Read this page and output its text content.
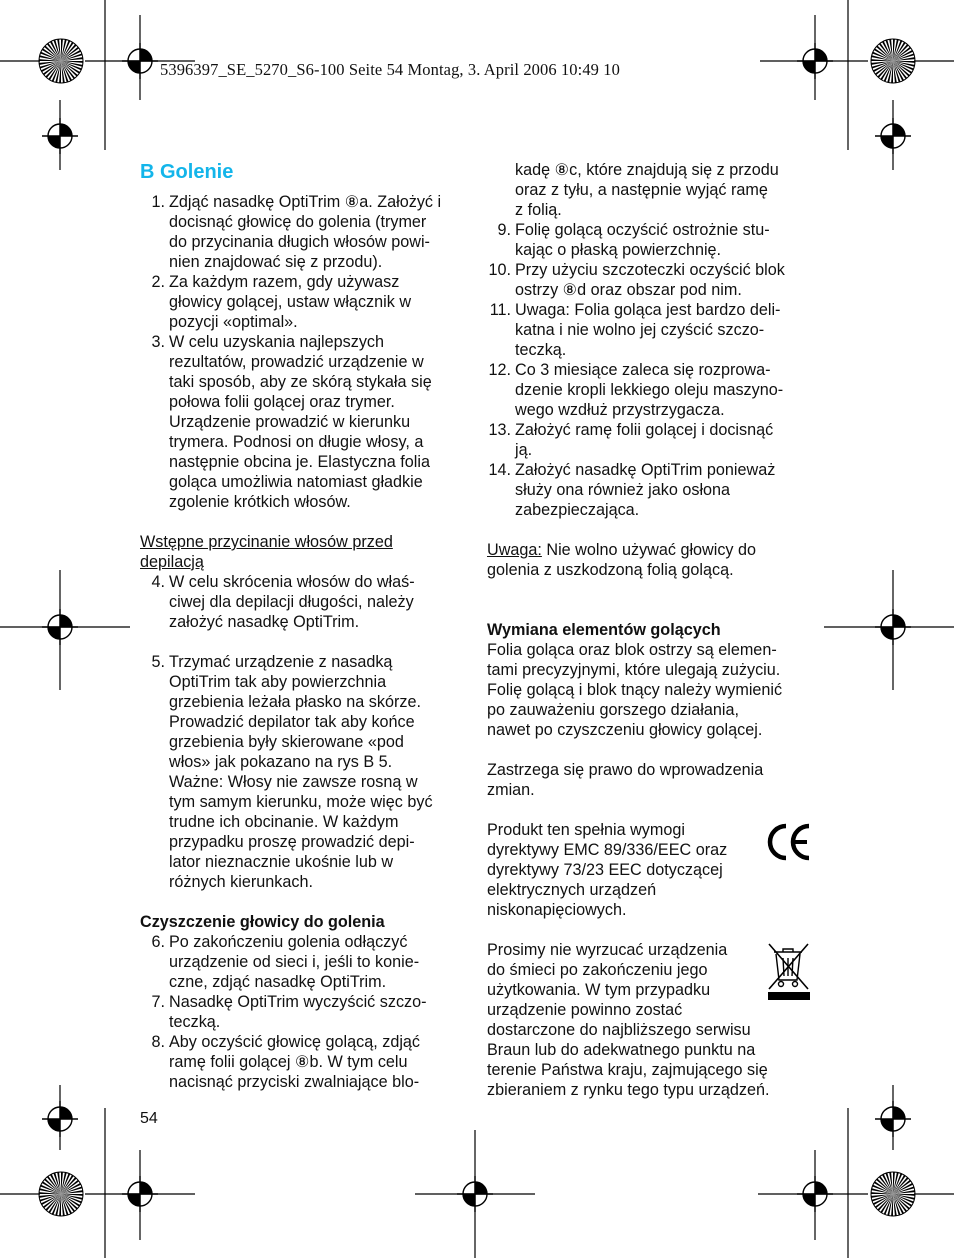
5396397_SE_5270_S6-100 Seite 54 Montag, 3. April 2006 10:49 10
B Golenie
1. Zdjąć nasadkę OptiTrim ⑧a. Założyć i
docisnąć głowicę do golenia (trymer
do przycinania długich włosów powi-
nien znajdować się z przodu).
2. Za każdym razem, gdy używasz
głowicy golącej, ustaw włącznik w
pozycji «optimal».
3. W celu uzyskania najlepszych
rezultatów, prowadzić urządzenie w
taki sposób, aby ze skórą stykała się
połowa folii golącej oraz trymer.
Urządzenie prowadzić w kierunku
trymera. Podnosi on długie włosy, a
następnie obcina je. Elastyczna folia
goląca umożliwia natomiast gładkie
zgolenie krótkich włosów.
Wstępne przycinanie włosów przed
depilacją
4. W celu skrócenia włosów do właś-
ciwej dla depilacji długości, należy
założyć nasadkę OptiTrim.
5. Trzymać urządzenie z nasadką
OptiTrim tak aby powierzchnia
grzebienia leżała płasko na skórze.
Prowadzić depilator tak aby końce
grzebienia były skierowane «pod
włos» jak pokazano na rys B 5.
Ważne: Włosy nie zawsze rosną w
tym samym kierunku, może więc być
trudne ich obcinanie. W każdym
przypadku proszę prowadzić depi-
lator nieznacznie ukośnie lub w
różnych kierunkach.
Czyszczenie głowicy do golenia
6. Po zakończeniu golenia odłączyć
urządzenie od sieci i, jeśli to konie-
czne, zdjąć nasadkę OptiTrim.
7. Nasadkę OptiTrim wyczyścić szczo-
teczką.
8. Aby oczyścić głowicę golącą, zdjąć
ramę folii golącej ⑧b. W tym celu
nacisnąć przyciski zwalniające blo-
kadę ⑧c, które znajdują się z przodu
oraz z tyłu, a następnie wyjąć ramę
z folią.
9. Folię golącą oczyścić ostrożnie stu-
kając o płaską powierzchnię.
10. Przy użyciu szczoteczki oczyścić blok
ostrzy ⑧d oraz obszar pod nim.
11. Uwaga: Folia goląca jest bardzo deli-
katna i nie wolno jej czyścić szczo-
teczką.
12. Co 3 miesiące zaleca się rozprowa-
dzenie kropli lekkiego oleju maszyno-
wego wzdłuż przystrzygacza.
13. Założyć ramę folii golącej i docisnąć
ją.
14. Założyć nasadkę OptiTrim ponieważ
służy ona również jako osłona
zabezpieczająca.
Uwaga: Nie wolno używać głowicy do
golenia z uszkodzoną folią golącą.
Wymiana elementów golących
Folia goląca oraz blok ostrzy są elemen-
tami precyzyjnymi, które ulegają zużyciu.
Folię golącą i blok tnący należy wymienić
po zauważeniu gorszego działania,
nawet po czyszczeniu głowicy golącej.
Zastrzega się prawo do wprowadzenia
zmian.
Produkt ten spełnia wymogi
dyrektywy EMC 89/336/EEC oraz
dyrektywy 73/23 EEC dotyczącej
elektrycznych urządzeń
niskonapięciowych.
Prosimy nie wyrzucać urządzenia
do śmieci po zakończeniu jego
użytkowania. W tym przypadku
urządzenie powinno zostać
dostarczone do najbliższego serwisu
Braun lub do adekwatnego punktu na
terenie Państwa kraju, zajmującego się
zbieraniem z rynku tego typu urządzeń.
54
